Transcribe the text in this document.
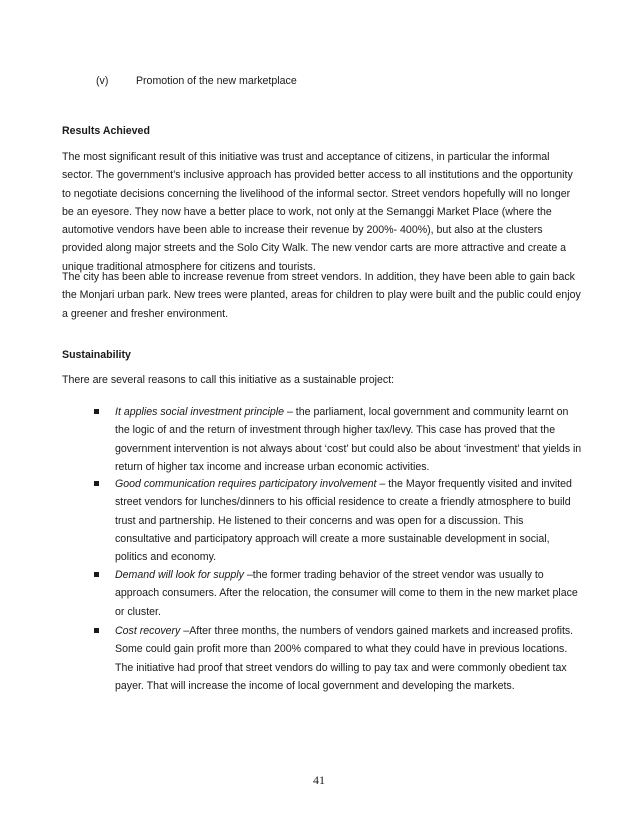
(v)	Promotion of the new marketplace
Results Achieved

The most significant result of this initiative was trust and acceptance of citizens, in particular the informal sector. The government’s inclusive approach has provided better access to all institutions and the opportunity to negotiate decisions concerning the livelihood of the informal sector. Street vendors hopefully will no longer be an eyesore. They now have a better place to work, not only at the Semanggi Market Place (where the automotive vendors have been able to increase their revenue by 200%- 400%), but also at the clusters provided along major streets and the Solo City Walk. The new vendor carts are more attractive and create a unique traditional atmosphere for citizens and tourists.

The city has been able to increase revenue from street vendors. In addition, they have been able to gain back the Monjari urban park. New trees were planted, areas for children to play were built and the public could enjoy a greener and fresher environment.

Sustainability

There are several reasons to call this initiative as a sustainable project:

It applies social investment principle – the parliament, local government and community learnt on the logic of and the return of investment through higher tax/levy. This case has proved that the government intervention is not always about ‘cost’ but could also be about ‘investment’ that yields in return of higher tax income and increase urban economic activities.
Good communication requires participatory involvement – the Mayor frequently visited and invited street vendors for lunches/dinners to his official residence to create a friendly atmosphere to build trust and partnership. He listened to their concerns and was open for a discussion. This consultative and participatory approach will create a more sustainable development in social, politics and economy.
Demand will look for supply –the former trading behavior of the street vendor was usually to approach consumers. After the relocation, the consumer will come to them in the new market place or cluster.
Cost recovery –After three months, the numbers of vendors gained markets and increased profits. Some could gain profit more than 200% compared to what they could have in previous locations. The initiative had proof that street vendors do willing to pay tax and were commonly obedient tax payer. That will increase the income of local government and developing the markets.
41
